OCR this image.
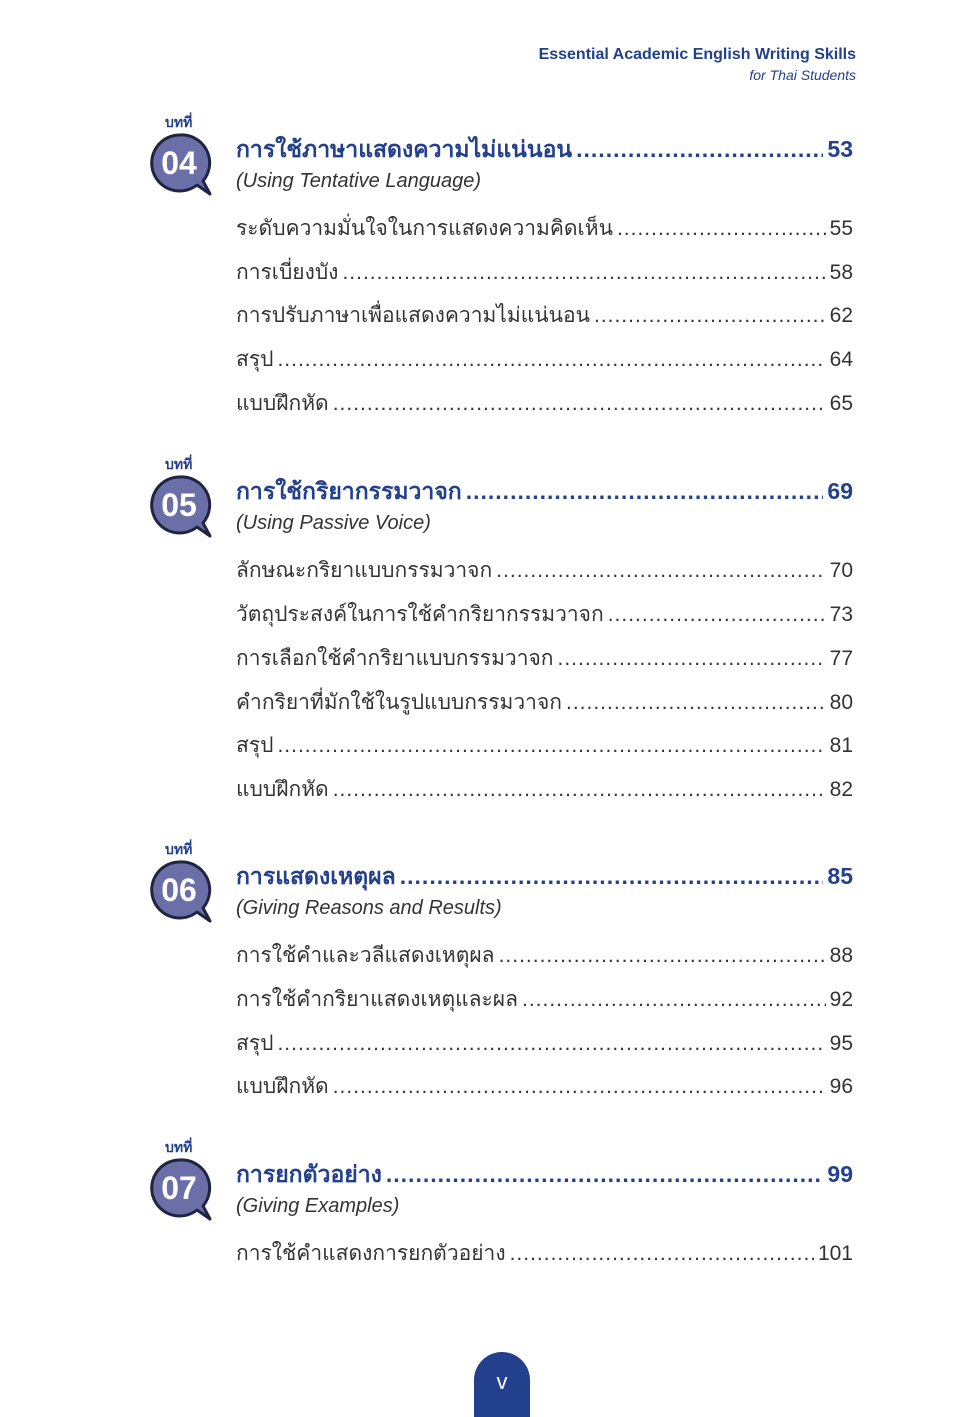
Essential Academic English Writing Skills
for Thai Students
บทที่
04 การใช้ภาษาแสดงความไม่แน่นอน .....	53
(Using Tentative Language)
ระดับความมั่นใจในการแสดงความคิดเห็น .....	55
การเบี่ยงบัง .....	58
การปรับภาษาเพื่อแสดงความไม่แน่นอน .....	62
สรุป .....	64
แบบฝึกหัด .....	65
บทที่
05 การใช้กริยากรรมวาจก .....	69
(Using Passive Voice)
ลักษณะกริยาแบบกรรมวาจก .....	70
วัตถุประสงค์ในการใช้คำกริยากรรมวาจก .....	73
การเลือกใช้คำกริยาแบบกรรมวาจก .....	77
คำกริยาที่มักใช้ในรูปแบบกรรมวาจก .....	80
สรุป .....	81
แบบฝึกหัด .....	82
บทที่
06 การแสดงเหตุผล .....	85
(Giving Reasons and Results)
การใช้คำและวลีแสดงเหตุผล .....	88
การใช้คำกริยาแสดงเหตุและผล .....	92
สรุป .....	95
แบบฝึกหัด .....	96
บทที่
07 การยกตัวอย่าง .....	99
(Giving Examples)
การใช้คำแสดงการยกตัวอย่าง .....	101
v
